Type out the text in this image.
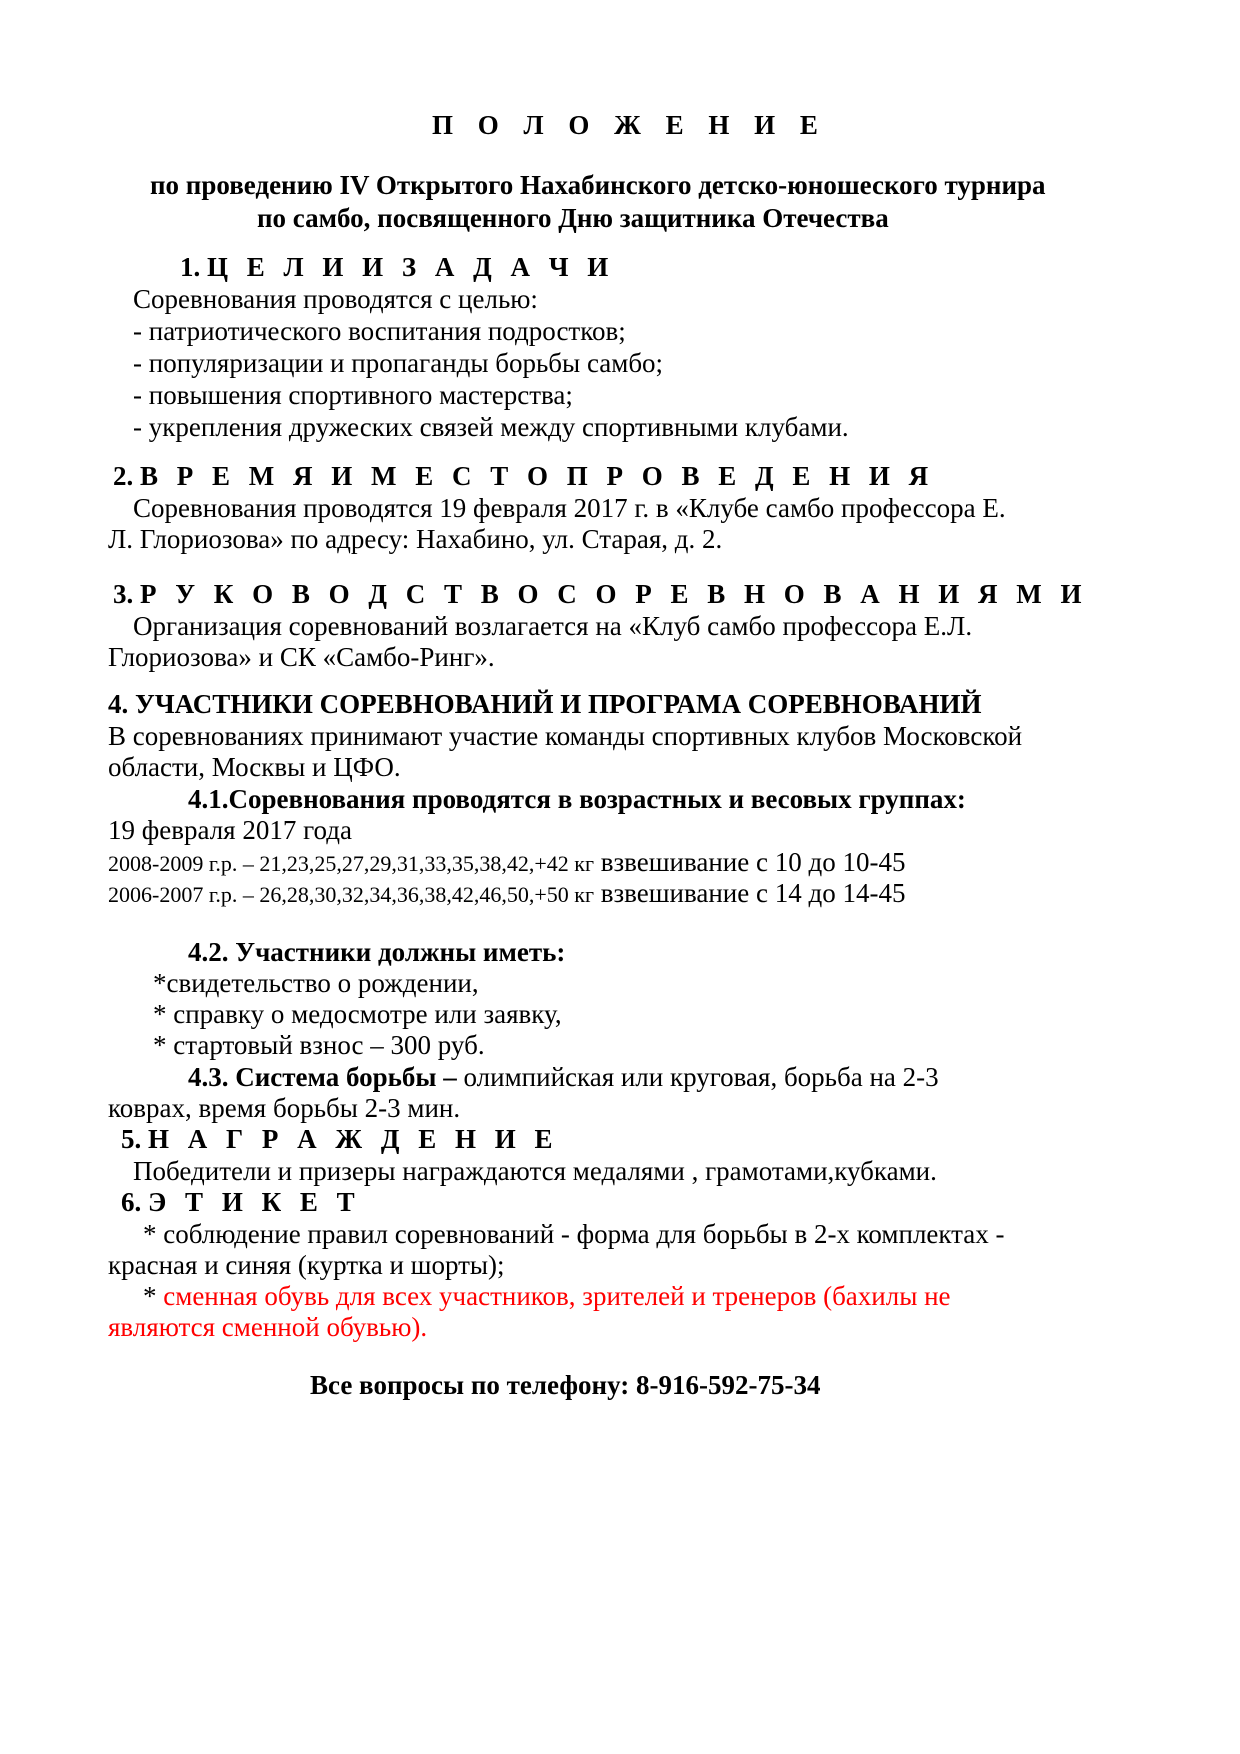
П О Л О Ж Е Н И Е
по проведению IV Открытого Нахабинского детско-юношеского турнира
по самбо, посвященного Дню защитника Отечества
1. Ц Е Л И И З А Д А Ч И
Соревнования проводятся с целью:
- патриотического воспитания подростков;
- популяризации и пропаганды борьбы самбо;
- повышения спортивного мастерства;
- укрепления дружеских связей между спортивными клубами.
2. В Р Е М Я И М Е С Т О П Р О В Е Д Е Н И Я
Соревнования проводятся 19 февраля 2017 г. в «Клубе самбо профессора Е.
Л. Глориозова» по адресу: Нахабино, ул. Старая, д. 2.
3. Р У К О В О Д С Т В О С О Р Е В Н О В А Н И Я М И
Организация соревнований возлагается на «Клуб самбо профессора Е.Л.
Глориозова» и СК «Самбо-Ринг».
4. УЧАСТНИКИ СОРЕВНОВАНИЙ И ПРОГРАМА СОРЕВНОВАНИЙ
В соревнованиях принимают участие команды спортивных клубов Московской
области, Москвы и ЦФО.
4.1.Соревнования проводятся в возрастных и весовых группах:
19 февраля 2017 года
2008-2009 г.р. – 21,23,25,27,29,31,33,35,38,42,+42 кг взвешивание с 10 до 10-45
2006-2007 г.р. – 26,28,30,32,34,36,38,42,46,50,+50 кг взвешивание с 14 до 14-45
4.2. Участники должны иметь:
*свидетельство о рождении,
* справку о медосмотре или заявку,
* стартовый взнос – 300 руб.
4.3. Система борьбы – олимпийская или круговая, борьба на 2-3
коврах, время борьбы 2-3 мин.
5. Н А Г Р А Ж Д Е Н И Е
Победители и призеры награждаются медалями , грамотами,кубками.
6. Э Т И К Е Т
* соблюдение правил соревнований - форма для борьбы в 2-х комплектах -
красная и синяя (куртка и шорты);
* сменная обувь для всех участников, зрителей и тренеров (бахилы не
являются сменной обувью).
Все вопросы по телефону: 8-916-592-75-34
